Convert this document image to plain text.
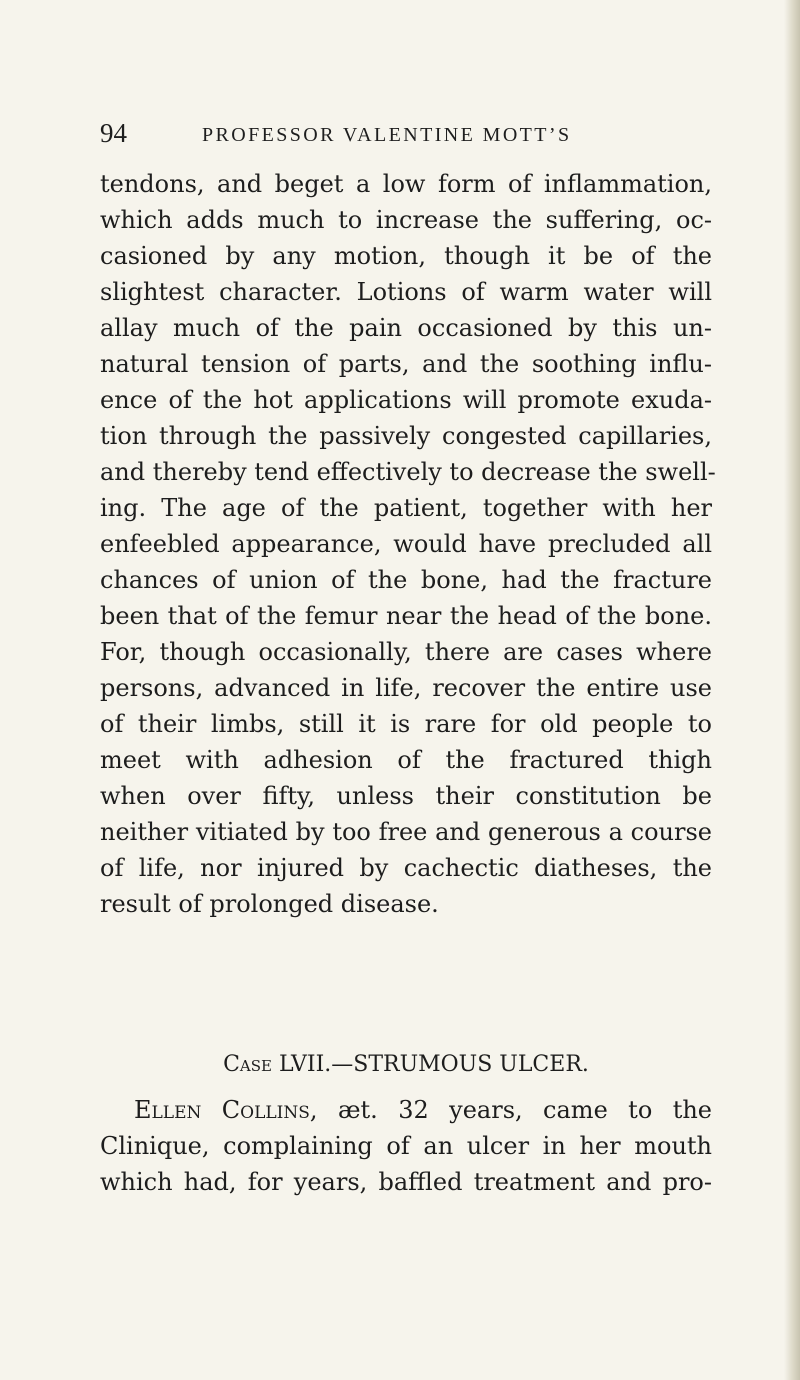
94	PROFESSOR VALENTINE MOTT’S
tendons, and beget a low form of inflammation,
which adds much to increase the suffering, oc-
casioned by any motion, though it be of the
slightest character. Lotions of warm water will
allay much of the pain occasioned by this un-
natural tension of parts, and the soothing influ-
ence of the hot applications will promote exuda-
tion through the passively congested capillaries,
and thereby tend effectively to decrease the swell-
ing. The age of the patient, together with her
enfeebled appearance, would have precluded all
chances of union of the bone, had the fracture
been that of the femur near the head of the bone.
For, though occasionally, there are cases where
persons, advanced in life, recover the entire use
of their limbs, still it is rare for old people to
meet with adhesion of the fractured thigh
when over fifty, unless their constitution be
neither vitiated by too free and generous a course
of life, nor injured by cachectic diatheses, the
result of prolonged disease.
Case LVII.—STRUMOUS ULCER.
Ellen Collins, æt. 32 years, came to the
Clinique, complaining of an ulcer in her mouth
which had, for years, baffled treatment and pro-
